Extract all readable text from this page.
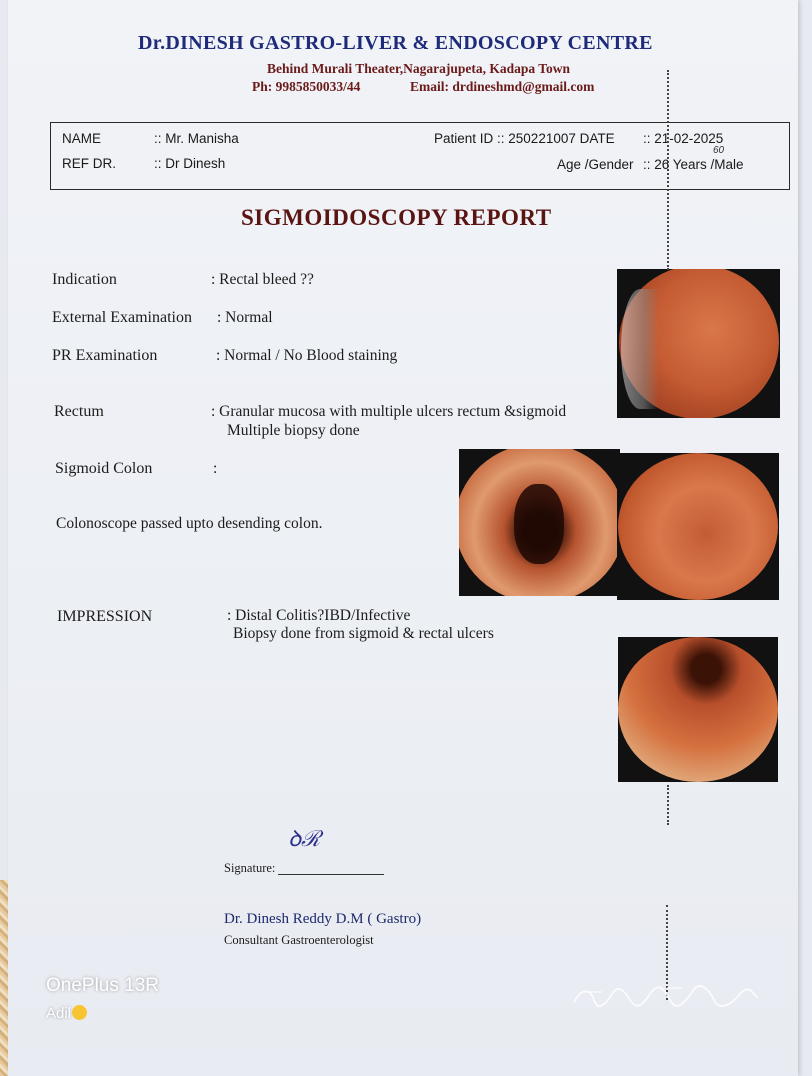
Dr.DINESH GASTRO-LIVER & ENDOSCOPY CENTRE
Behind Murali Theater,Nagarajupeta, Kadapa Town
Ph: 9985850033/44	Email: drdineshmd@gmail.com
NAME	:: Mr. Manisha
REF DR.	:: Dr Dinesh
Patient ID :: 250221007 DATE :: 21-02-2025
Age /Gender :: 26 Years /Male
60
SIGMOIDOSCOPY REPORT
Indication	: Rectal bleed ??
External Examination : Normal
PR Examination	: Normal / No Blood staining
Rectum	: Granular mucosa with multiple ulcers rectum &sigmoid
Multiple biopsy done
Sigmoid Colon	:
Colonoscope passed upto desending colon.
IMPRESSION	: Distal Colitis?IBD/Infective
Biopsy done from sigmoid & rectal ulcers
ꝺℛ
Signature:
Dr. Dinesh Reddy D.M ( Gastro)
Consultant Gastroenterologist
OnePlus 13R
Adil
